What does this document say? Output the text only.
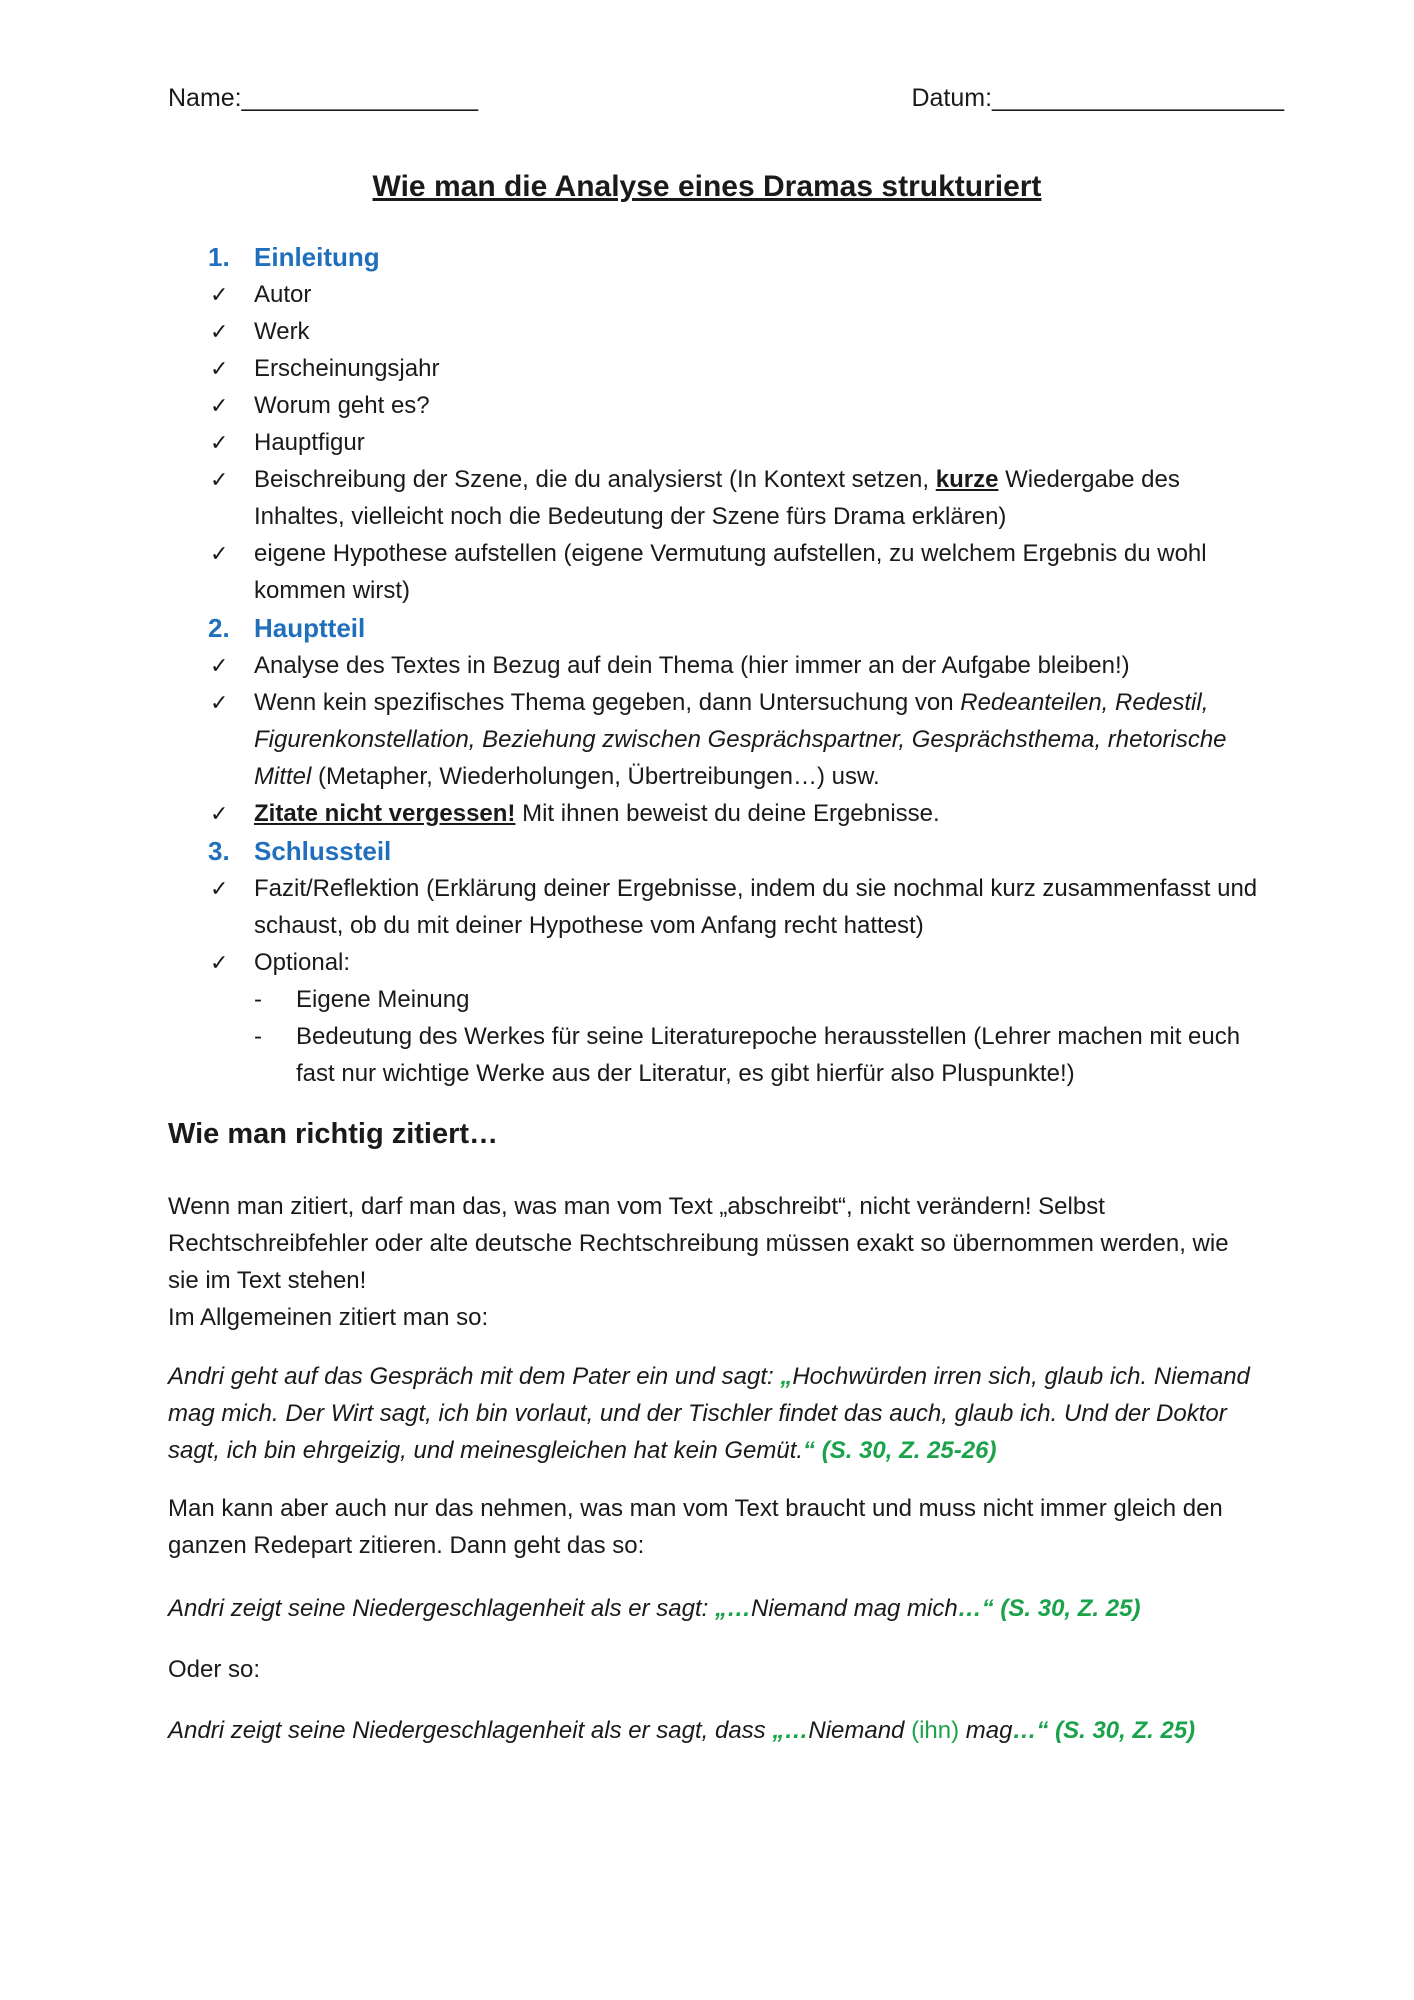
Name:_________________	Datum:_____________________
Wie man die Analyse eines Dramas strukturiert
1. Einleitung
✓ Autor
✓ Werk
✓ Erscheinungsjahr
✓ Worum geht es?
✓ Hauptfigur
✓ Beischreibung der Szene, die du analysierst (In Kontext setzen, kurze Wiedergabe des Inhaltes, vielleicht noch die Bedeutung der Szene fürs Drama erklären)
✓ eigene Hypothese aufstellen (eigene Vermutung aufstellen, zu welchem Ergebnis du wohl kommen wirst)
2. Hauptteil
✓ Analyse des Textes in Bezug auf dein Thema (hier immer an der Aufgabe bleiben!)
✓ Wenn kein spezifisches Thema gegeben, dann Untersuchung von Redeanteilen, Redestil, Figurenkonstellation, Beziehung zwischen Gesprächspartner, Gesprächsthema, rhetorische Mittel (Metapher, Wiederholungen, Übertreibungen…) usw.
✓ Zitate nicht vergessen! Mit ihnen beweist du deine Ergebnisse.
3. Schlussteil
✓ Fazit/Reflektion (Erklärung deiner Ergebnisse, indem du sie nochmal kurz zusammenfasst und schaust, ob du mit deiner Hypothese vom Anfang recht hattest)
✓ Optional:
- Eigene Meinung
- Bedeutung des Werkes für seine Literaturepoche herausstellen (Lehrer machen mit euch fast nur wichtige Werke aus der Literatur, es gibt hierfür also Pluspunkte!)
Wie man richtig zitiert…
Wenn man zitiert, darf man das, was man vom Text „abschreibt“, nicht verändern! Selbst Rechtschreibfehler oder alte deutsche Rechtschreibung müssen exakt so übernommen werden, wie sie im Text stehen!
Im Allgemeinen zitiert man so:
Andri geht auf das Gespräch mit dem Pater ein und sagt: „Hochwürden irren sich, glaub ich. Niemand mag mich. Der Wirt sagt, ich bin vorlaut, und der Tischler findet das auch, glaub ich. Und der Doktor sagt, ich bin ehrgeizig, und meinesgleichen hat kein Gemüt.“ (S. 30, Z. 25-26)
Man kann aber auch nur das nehmen, was man vom Text braucht und muss nicht immer gleich den ganzen Redepart zitieren. Dann geht das so:
Andri zeigt seine Niedergeschlagenheit als er sagt: „…Niemand mag mich…“ (S. 30, Z. 25)
Oder so:
Andri zeigt seine Niedergeschlagenheit als er sagt, dass „…Niemand (ihn) mag…“ (S. 30, Z. 25)
